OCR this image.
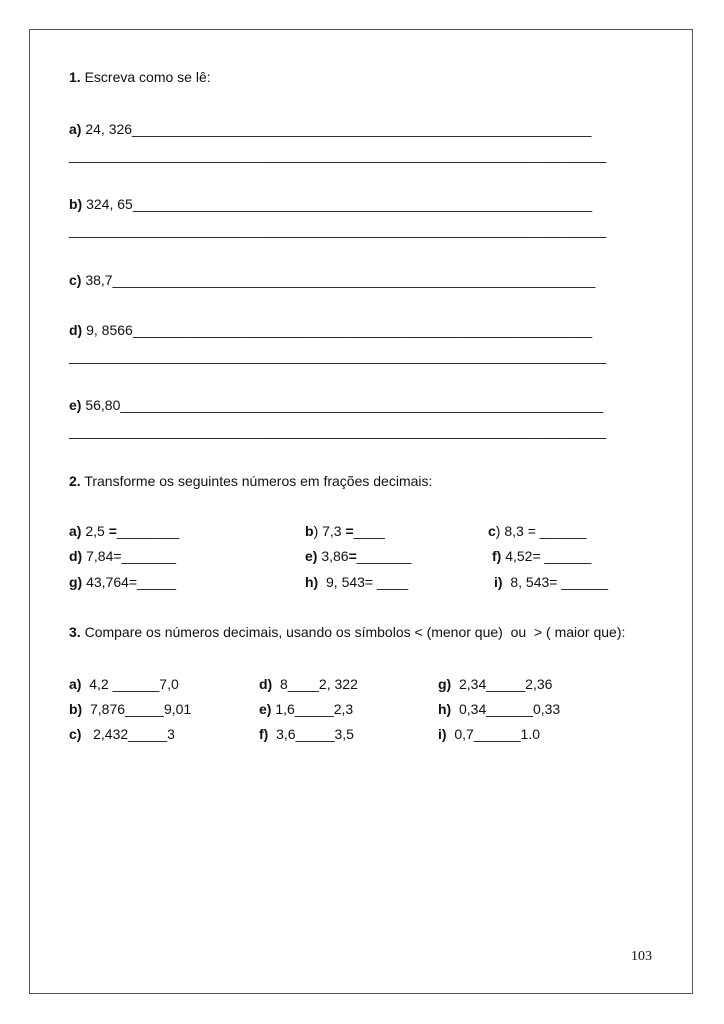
1. Escreva como se lê:
a) 24, 326___________________________________________________________
_____________________________________________________________________
b) 324, 65___________________________________________________________
_____________________________________________________________________
c) 38,7______________________________________________________________
d) 9, 8566___________________________________________________________
_____________________________________________________________________
e) 56,80______________________________________________________________
_____________________________________________________________________
2. Transforme os seguintes números em frações decimais:
a) 2,5 =________	b) 7,3 =____	c) 8,3 = ______
d) 7,84=_______	e) 3,86=_______	f) 4,52= ______
g) 43,764=_____	h)  9, 543= ____	i)  8, 543= ______
3. Compare os números decimais, usando os símbolos < (menor que)  ou  > ( maior que):
a)  4,2 ______7,0	d)  8____2, 322	g)  2,34_____2,36
b)  7,876_____9,01	e) 1,6_____2,3	h)  0,34______0,33
c)   2,432_____3	f)  3,6_____3,5	i)  0,7______1.0
103
